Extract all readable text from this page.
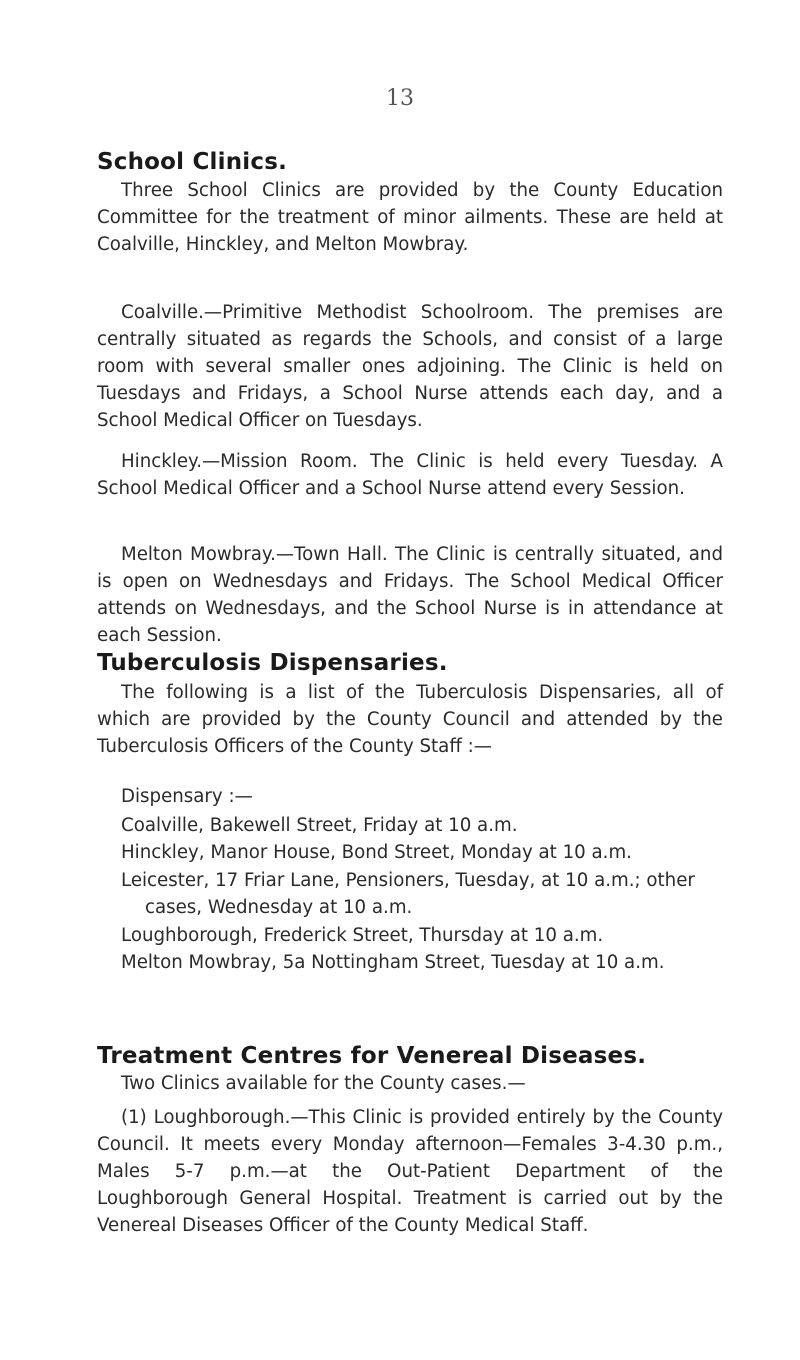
13
School Clinics.

Three School Clinics are provided by the County Education Committee for the treatment of minor ailments. These are held at Coalville, Hinckley, and Melton Mowbray.

Coalville.—Primitive Methodist Schoolroom. The premises are centrally situated as regards the Schools, and consist of a large room with several smaller ones adjoining. The Clinic is held on Tuesdays and Fridays, a School Nurse attends each day, and a School Medical Officer on Tuesdays.

Hinckley.—Mission Room. The Clinic is held every Tuesday. A School Medical Officer and a School Nurse attend every Session.

Melton Mowbray.—Town Hall. The Clinic is centrally situated, and is open on Wednesdays and Fridays. The School Medical Officer attends on Wednesdays, and the School Nurse is in attendance at each Session.

Tuberculosis Dispensaries.

The following is a list of the Tuberculosis Dispensaries, all of which are provided by the County Council and attended by the Tuberculosis Officers of the County Staff :—

Dispensary :—
Coalville, Bakewell Street, Friday at 10 a.m.
Hinckley, Manor House, Bond Street, Monday at 10 a.m.
Leicester, 17 Friar Lane, Pensioners, Tuesday, at 10 a.m.; other cases, Wednesday at 10 a.m.
Loughborough, Frederick Street, Thursday at 10 a.m.
Melton Mowbray, 5a Nottingham Street, Tuesday at 10 a.m.
Treatment Centres for Venereal Diseases.

Two Clinics available for the County cases.—

(1) Loughborough.—This Clinic is provided entirely by the County Council. It meets every Monday afternoon—Females 3-4.30 p.m., Males 5-7 p.m.—at the Out-Patient Department of the Loughborough General Hospital. Treatment is carried out by the Venereal Diseases Officer of the County Medical Staff.
